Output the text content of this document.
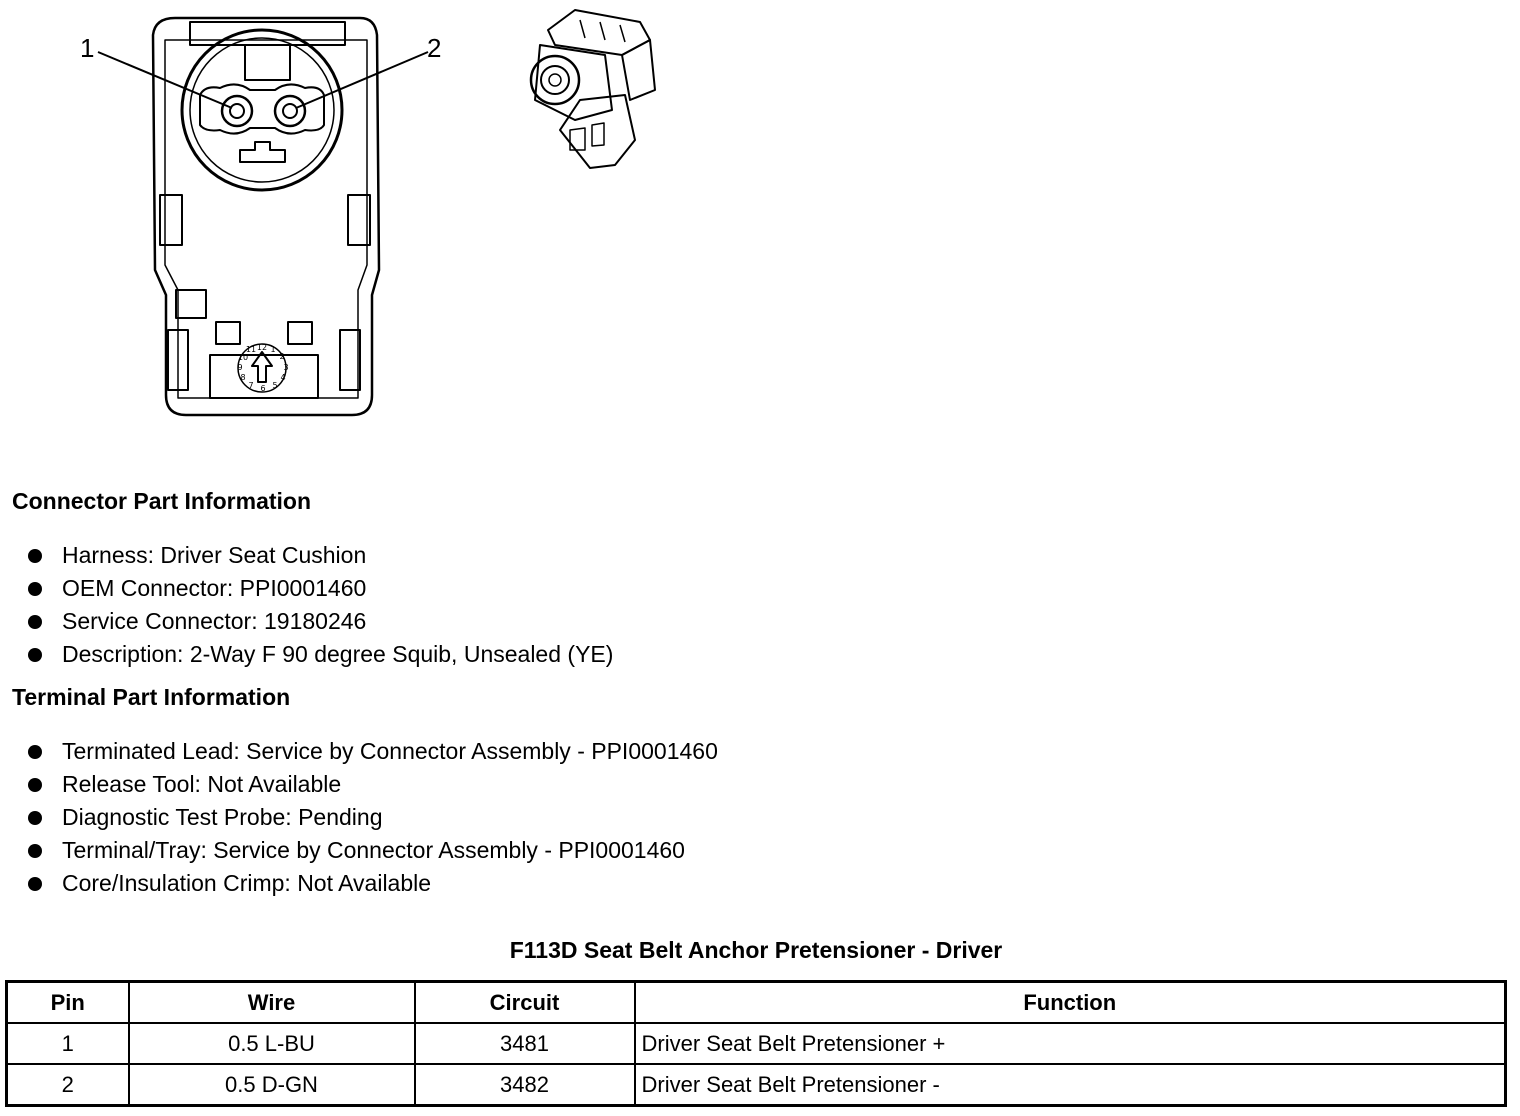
12 1
2
3
4
5
6
7
8
9
10
11
1	2
Connector Part Information
Harness: Driver Seat Cushion
OEM Connector: PPI0001460
Service Connector: 19180246
Description: 2-Way F 90 degree Squib, Unsealed (YE)
Terminal Part Information
Terminated Lead: Service by Connector Assembly - PPI0001460
Release Tool: Not Available
Diagnostic Test Probe: Pending
Terminal/Tray: Service by Connector Assembly - PPI0001460
Core/Insulation Crimp: Not Available
F113D Seat Belt Anchor Pretensioner - Driver
Pin	Wire	Circuit	Function
1	0.5 L-BU	3481	Driver Seat Belt Pretensioner +
2	0.5 D-GN	3482	Driver Seat Belt Pretensioner -
